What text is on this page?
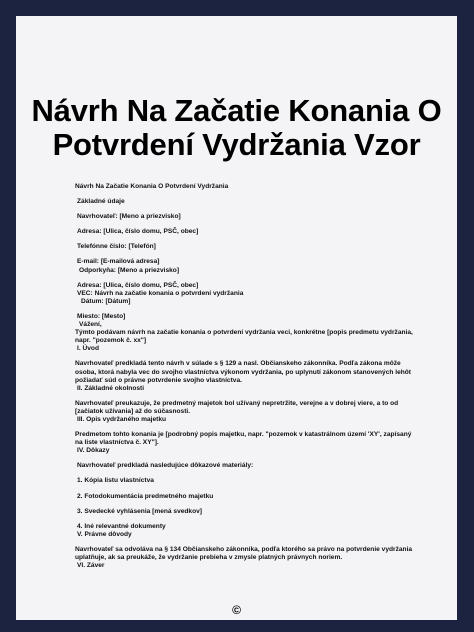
Návrh Na Začatie Konania O
Potvrdení Vydržania Vzor

Návrh Na Začatie Konania O Potvrdení Vydržania

Základné údaje

Navrhovateľ: [Meno a priezvisko]

Adresa: [Ulica, číslo domu, PSČ, obec]

Telefónne číslo: [Telefón]

E-mail: [E-mailová adresa]

Odporkyňa: [Meno a priezvisko]

Adresa: [Ulica, číslo domu, PSČ, obec]

VEC: Návrh na začatie konania o potvrdení vydržania

Dátum: [Dátum]

Miesto: [Mesto]

Vážení,

Týmto podávam návrh na začatie konania o potvrdení vydržania veci, konkrétne [popis predmetu vydržania, napr. "pozemok č. xx"]

I. Úvod

Navrhovateľ predkladá tento návrh v súlade s § 129 a nasl. Občianskeho zákonníka. Podľa zákona môže osoba, ktorá nabyla vec do svojho vlastníctva výkonom vydržania, po uplynutí zákonom stanovených lehôt požiadať súd o právne potvrdenie svojho vlastníctva.

II. Základné okolnosti

Navrhovateľ preukazuje, že predmetný majetok bol užívaný nepretržite, verejne a v dobrej viere, a to od [začiatok užívania] až do súčasnosti.

III. Opis vydržaného majetku

Predmetom tohto konania je [podrobný popis majetku, napr. "pozemok v katastrálnom území 'XY', zapísaný na liste vlastníctva č. XY"].

IV. Dôkazy

Navrhovateľ predkladá nasledujúce dôkazové materiály:

1. Kópia listu vlastníctva

2. Fotodokumentácia predmetného majetku

3. Svedecké vyhlásenia [mená svedkov]

4. Iné relevantné dokumenty

V. Právne dôvody

Navrhovateľ sa odvoláva na § 134 Občianskeho zákonníka, podľa ktorého sa právo na potvrdenie vydržania uplatňuje, ak sa preukáže, že vydržanie prebieha v zmysle platných právnych noriem.

VI. Záver

©
